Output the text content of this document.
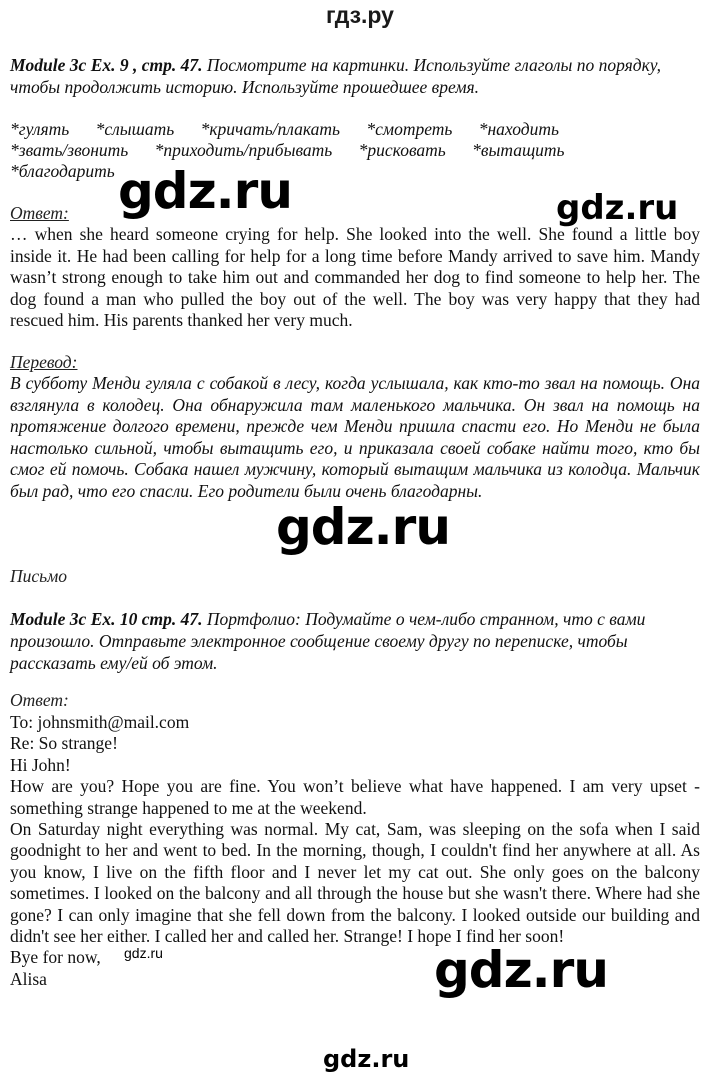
гдз.ру
Module 3c Ex. 9 , стр. 47. Посмотрите на картинки. Используйте глаголы по порядку, чтобы продолжить историю. Используйте прошедшее время.
*гулять *слышать *кричать/плакать *смотреть *находить
*звать/звонить *приходить/прибывать *рисковать *вытащить
*благодарить
Ответ:
… when she heard someone crying for help. She looked into the well. She found a little boy inside it. He had been calling for help for a long time before Mandy arrived to save him. Mandy wasn’t strong enough to take him out and commanded her dog to find someone to help her. The dog found a man who pulled the boy out of the well. The boy was very happy that they had rescued him. His parents thanked her very much.
Перевод:
В субботу Менди гуляла с собакой в лесу, когда услышала, как кто-то звал на помощь. Она взглянула в колодец. Она обнаружила там маленького мальчика. Он звал на помощь на протяжение долгого времени, прежде чем Менди пришла спасти его. Но Менди не была настолько сильной, чтобы вытащить его, и приказала своей собаке найти того, кто бы смог ей помочь. Собака нашел мужчину, который вытащим мальчика из колодца. Мальчик был рад, что его спасли. Его родители были очень благодарны.
Письмо
Module 3c Ex. 10 стр. 47. Портфолио: Подумайте о чем-либо странном, что с вами произошло. Отправьте электронное сообщение своему другу по переписке, чтобы рассказать ему/ей об этом.
Ответ:
To: johnsmith@mail.com
Re: So strange!
Hi John!
How are you? Hope you are fine. You won’t believe what have happened. I am very upset - something strange happened to me at the weekend.
On Saturday night everything was normal. My cat, Sam, was sleeping on the sofa when I said goodnight to her and went to bed. In the morning, though, I couldn't find her anywhere at all. As you know, I live on the fifth floor and I never let my cat out. She only goes on the balcony sometimes. I looked on the balcony and all through the house but she wasn't there. Where had she gone? I can only imagine that she fell down from the balcony. I looked outside our building and didn't see her either. I called her and called her. Strange! I hope I find her soon!
Bye for now,
Alisa
gdz.ru	gdz.ru
gdz.ru
gdz.ru	gdz.ru
gdz.ru
